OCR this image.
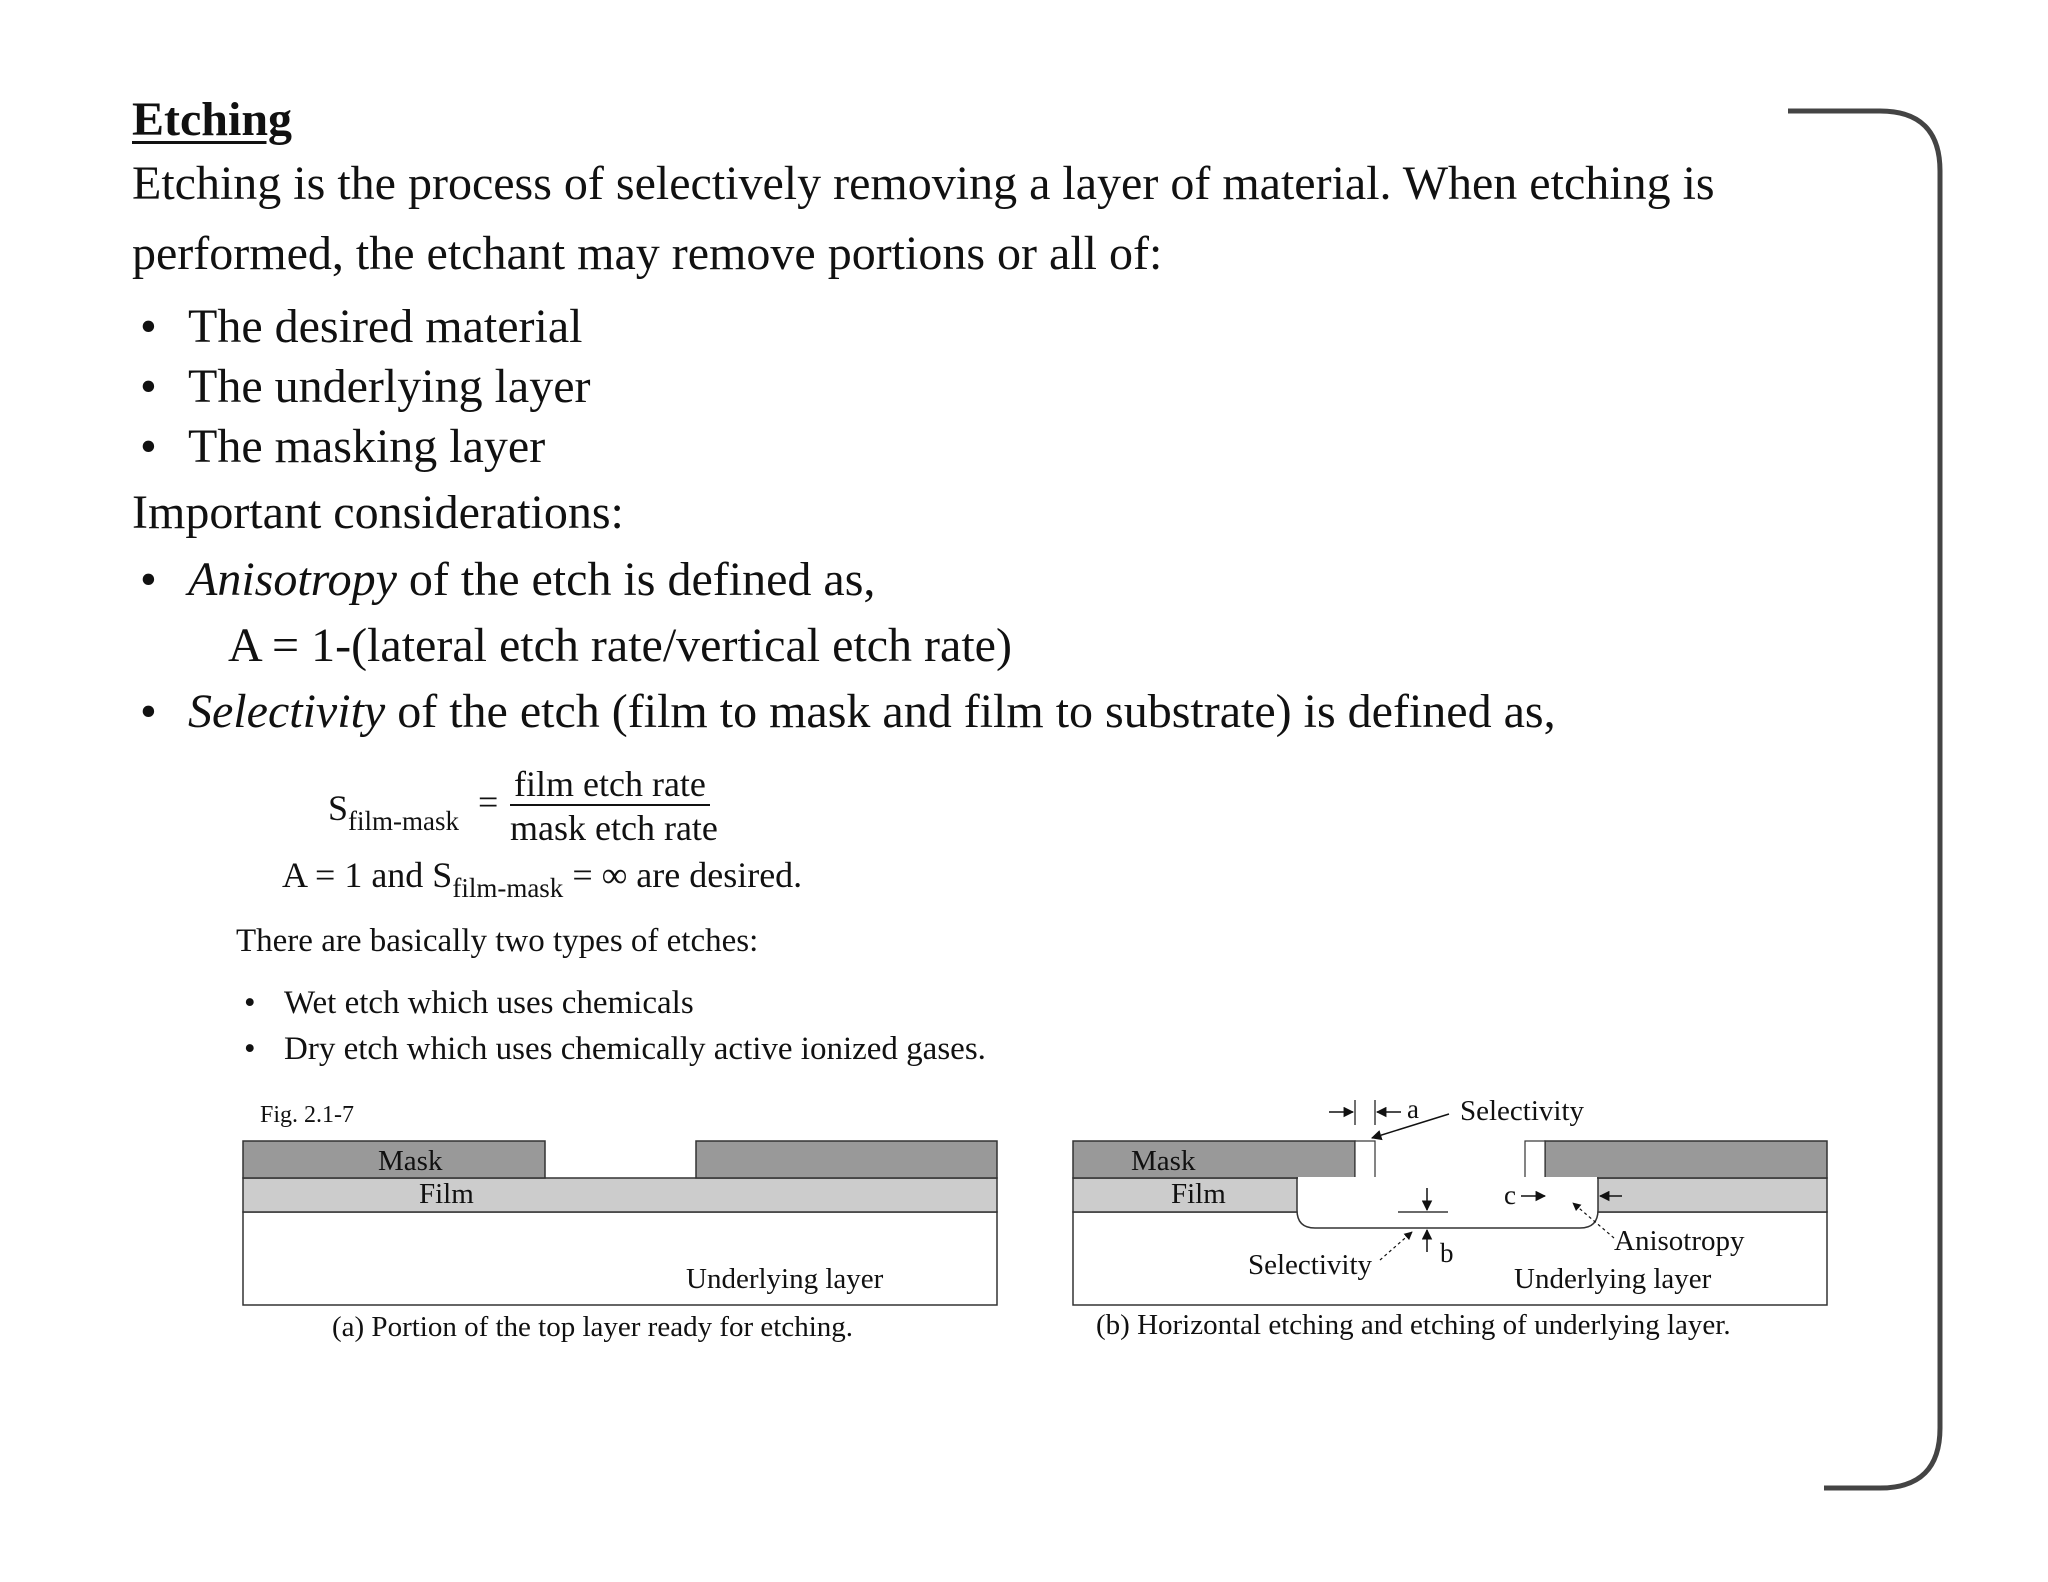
Etching
Etching is the process of selectively removing a layer of material. When etching is
performed, the etchant may remove portions or all of:
• The desired material
• The underlying layer
• The masking layer
Important considerations:
• Anisotropy of the etch is defined as,
A = 1-(lateral etch rate/vertical etch rate)
• Selectivity of the etch (film to mask and film to substrate) is defined as,
$S_{film-mask}$ = film etch rate
mask etch rate
A = 1 and $S_{film-mask}$ = ∞ are desired.
There are basically two types of etches:
• Wet etch which uses chemicals
• Dry etch which uses chemically active ionized gases.
Fig. 2.1-7
Mask
Film
Underlying layer
(a) Portion of the top layer ready for etching.
Mask
Film
Underlying layer
a Selectivity
b
Selectivity
c
Anisotropy
(b) Horizontal etching and etching of underlying layer.
